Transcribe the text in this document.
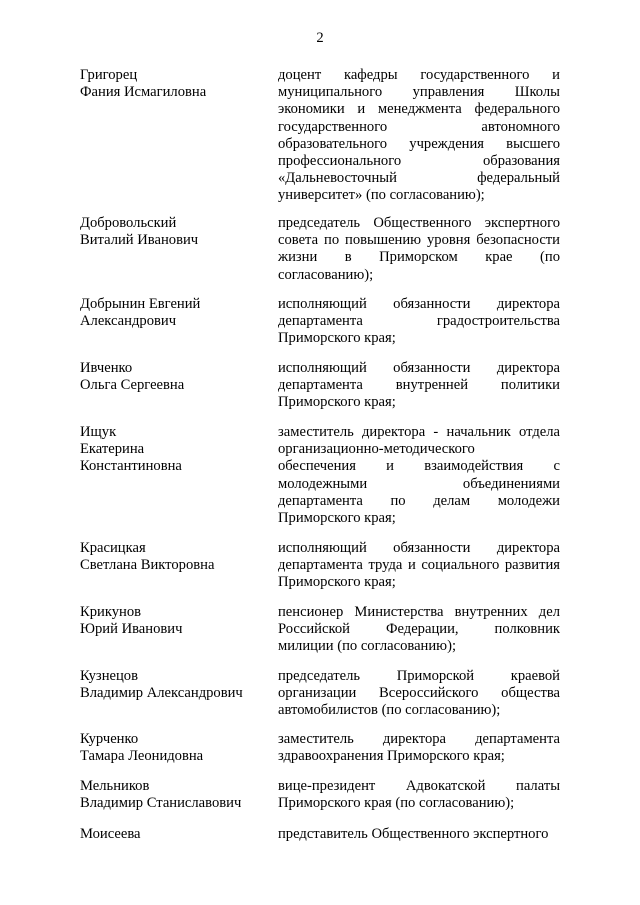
2
Григорец
Фания Исмагиловна
доцент кафедры государственного и
муниципального управления Школы
экономики и менеджмента федерального
государственного автономного
образовательного учреждения высшего
профессионального образования
«Дальневосточный федеральный
университет» (по согласованию);
Добровольский
Виталий Иванович
председатель Общественного экспертного
совета по повышению уровня безопасности
жизни в Приморском крае (по
согласованию);
Добрынин Евгений
Александрович
исполняющий обязанности директора
департамента градостроительства
Приморского края;
Ивченко
Ольга Сергеевна
исполняющий обязанности директора
департамента внутренней политики
Приморского края;
Ищук
Екатерина
Константиновна
заместитель директора - начальник отдела
организационно-методического
обеспечения и взаимодействия с
молодежными объединениями
департамента по делам молодежи
Приморского края;
Красицкая
Светлана Викторовна
исполняющий обязанности директора
департамента труда и социального развития
Приморского края;
Крикунов
Юрий Иванович
пенсионер Министерства внутренних дел
Российской Федерации, полковник
милиции (по согласованию);
Кузнецов
Владимир Александрович
председатель Приморской краевой
организации Всероссийского общества
автомобилистов (по согласованию);
Курченко
Тамара Леонидовна
заместитель директора департамента
здравоохранения Приморского края;
Мельников
Владимир Станиславович
вице-президент Адвокатской палаты
Приморского края (по согласованию);
Моисеева	представитель Общественного экспертного
